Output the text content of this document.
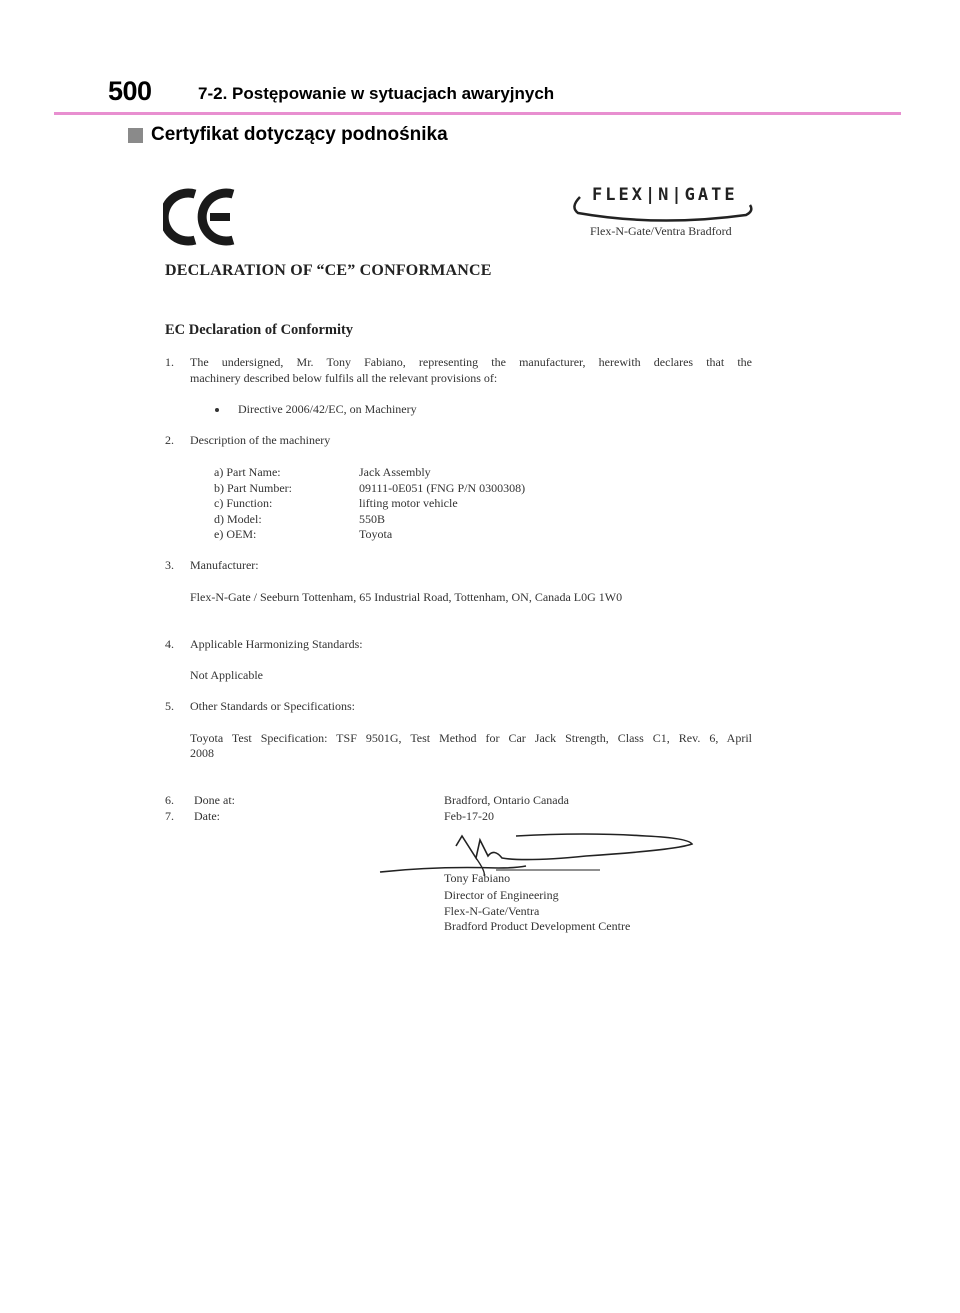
500	7-2. Postępowanie w sytuacjach awaryjnych
Certyfikat dotyczący podnośnika
FLEX|N|GATE
Flex-N-Gate/Ventra Bradford
DECLARATION OF “CE” CONFORMANCE
EC Declaration of Conformity
1. The undersigned, Mr. Tony Fabiano, representing the manufacturer, herewith declares that the
machinery described below fulfils all the relevant provisions of:
Directive 2006/42/EC, on Machinery
2. Description of the machinery
a) Part Name:	Jack Assembly
b) Part Number:	09111-0E051 (FNG P/N 0300308)
c) Function:	lifting motor vehicle
d) Model:	550B
e) OEM:	Toyota
3. Manufacturer:
Flex-N-Gate / Seeburn Tottenham, 65 Industrial Road, Tottenham, ON, Canada L0G 1W0
4. Applicable Harmonizing Standards:
Not Applicable
5. Other Standards or Specifications:
Toyota Test Specification: TSF 9501G, Test Method for Car Jack Strength, Class C1, Rev. 6, April
2008
6. Done at:	Bradford, Ontario Canada
7. Date:	Feb-17-20
Tony Fabiano
Director of Engineering
Flex-N-Gate/Ventra
Bradford Product Development Centre
